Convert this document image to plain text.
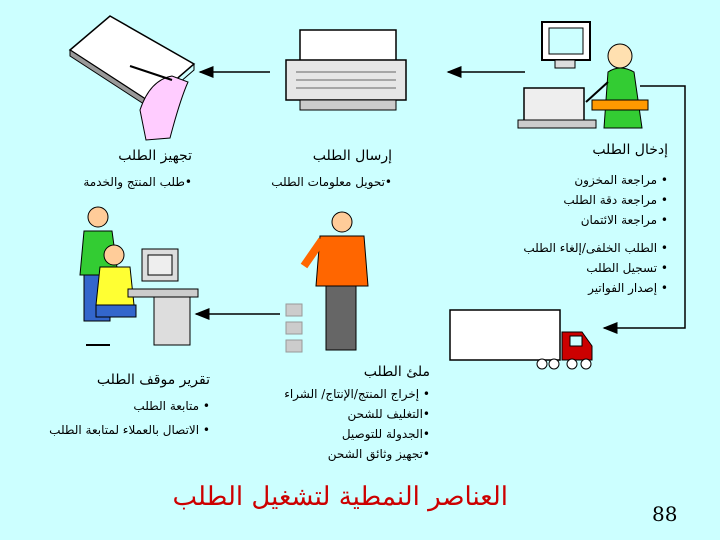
إدخال الطلب
• مراجعة المخزون
• مراجعة دقة الطلب
• مراجعة الائتمان
• الطلب الخلفى/إلغاء الطلب
• تسجيل الطلب
• إصدار الفواتير
إرسال الطلب
•تحويل معلومات الطلب
تجهيز الطلب
•طلب المنتج والخدمة
ملئ الطلب
• إخراج المنتج/الإنتاج/ الشراء
•التغليف للشحن
•الجدولة للتوصيل
•تجهيز وثائق الشحن
تقرير موقف الطلب
• متابعة الطلب
• الاتصال بالعملاء لمتابعة الطلب
العناصر النمطية لتشغيل الطلب
88
